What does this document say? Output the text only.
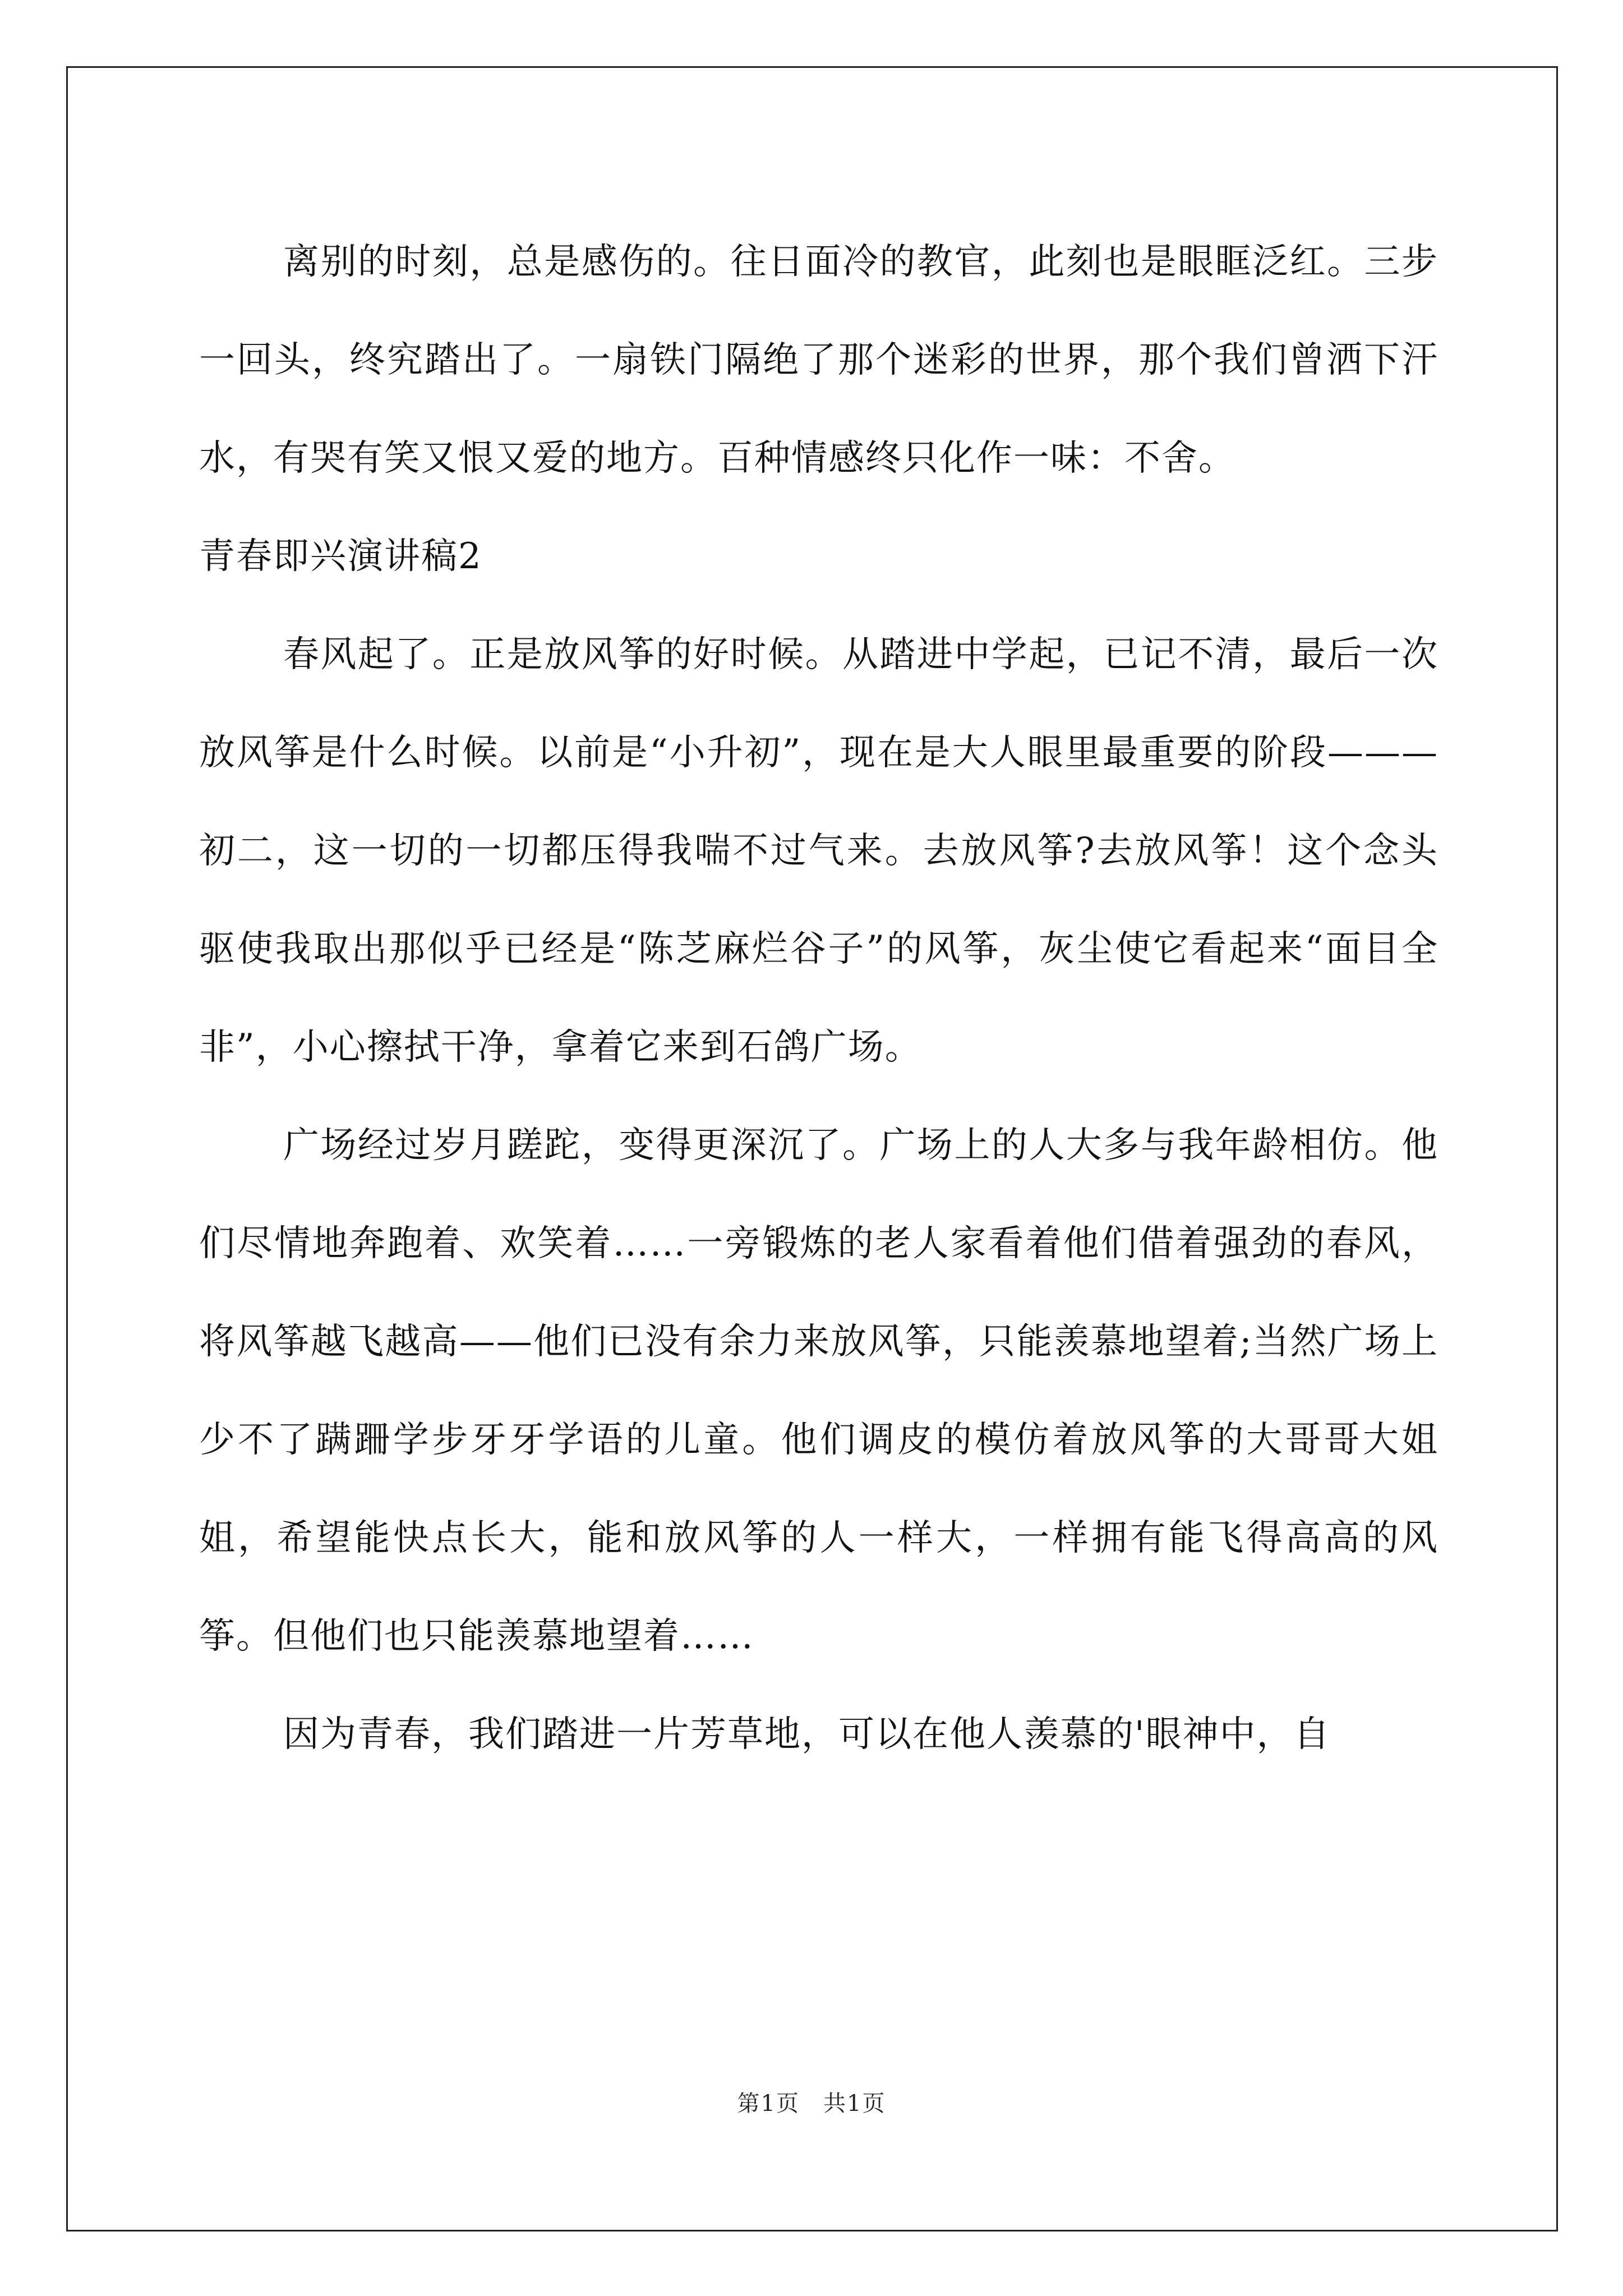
离别的时刻，总是感伤的。往日面冷的教官，此刻也是眼眶泛红。三步一回头，终究踏出了。一扇铁门隔绝了那个迷彩的世界，那个我们曾洒下汗水，有哭有笑又恨又爱的地方。百种情感终只化作一味：不舍。

青春即兴演讲稿2

春风起了。正是放风筝的好时候。从踏进中学起，已记不清，最后一次放风筝是什么时候。以前是“小升初”，现在是大人眼里最重要的阶段———初二，这一切的一切都压得我喘不过气来。去放风筝?去放风筝！这个念头驱使我取出那似乎已经是“陈芝麻烂谷子”的风筝，灰尘使它看起来“面目全非”，小心擦拭干净，拿着它来到石鸽广场。

广场经过岁月蹉跎，变得更深沉了。广场上的人大多与我年龄相仿。他们尽情地奔跑着、欢笑着……一旁锻炼的老人家看着他们借着强劲的春风，将风筝越飞越高——他们已没有余力来放风筝，只能羡慕地望着;当然广场上少不了蹒跚学步牙牙学语的儿童。他们调皮的模仿着放风筝的大哥哥大姐姐，希望能快点长大，能和放风筝的人一样大，一样拥有能飞得高高的风筝。但他们也只能羡慕地望着……

因为青春，我们踏进一片芳草地，可以在他人羡慕的'眼神中，自

第1页　共1页
